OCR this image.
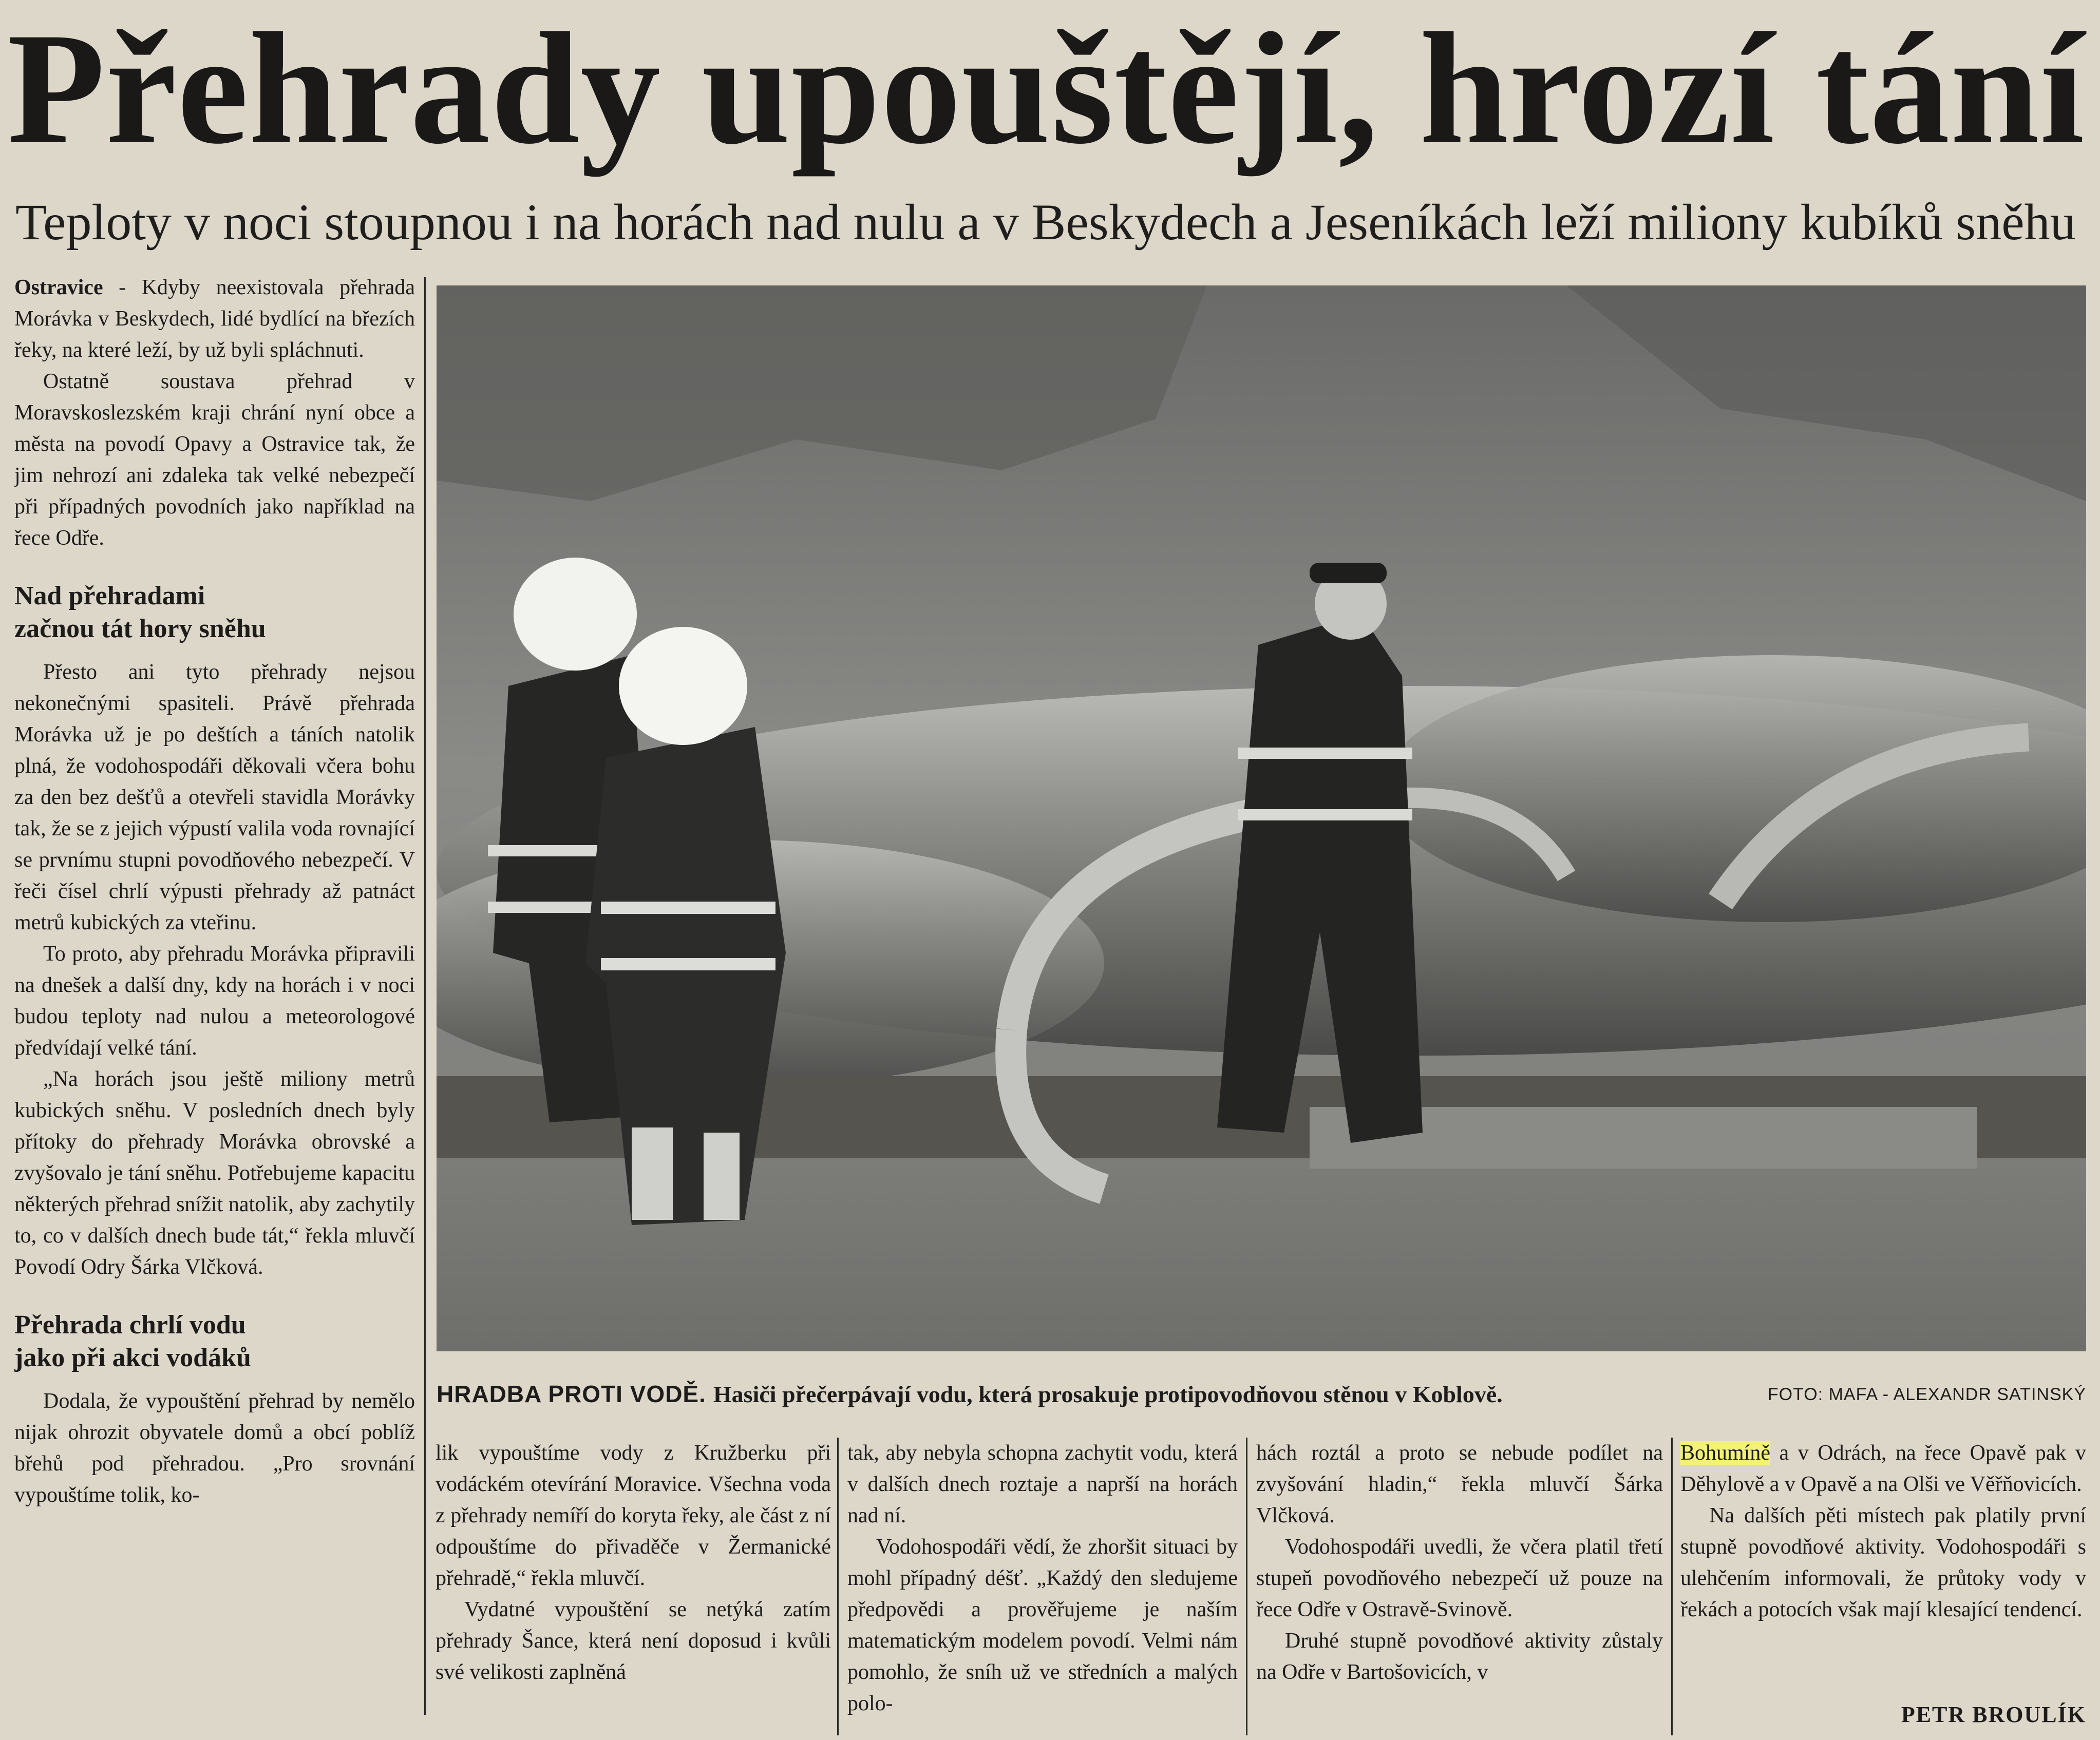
Přehrady upouštějí, hrozí tání
Teploty v noci stoupnou i na horách nad nulu a v Beskydech a Jeseníkách leží miliony kubíků sněhu

Ostravice - Kdyby neexistovala přehrada Morávka v Beskydech, lidé bydlící na březích řeky, na které leží, by už byli spláchnuti.

Ostatně soustava přehrad v Moravskoslezském kraji chrání nyní obce a města na povodí Opavy a Ostravice tak, že jim nehrozí ani zdaleka tak velké nebezpečí při případných povodních jako například na řece Odře.

Nad přehradami
začnou tát hory sněhu

Přesto ani tyto přehrady nejsou nekonečnými spasiteli. Právě přehrada Morávka už je po deštích a táních natolik plná, že vodohospodáři děkovali včera bohu za den bez dešťů a otevřeli stavidla Morávky tak, že se z jejich výpustí valila voda rovnající se prvnímu stupni povodňového nebezpečí. V řeči čísel chrlí výpusti přehrady až patnáct metrů kubických za vteřinu.

To proto, aby přehradu Morávka připravili na dnešek a další dny, kdy na horách i v noci budou teploty nad nulou a meteorologové předvídají velké tání.

„Na horách jsou ještě miliony metrů kubických sněhu. V posledních dnech byly přítoky do přehrady Morávka obrovské a zvyšovalo je tání sněhu. Potřebujeme kapacitu některých přehrad snížit natolik, aby zachytily to, co v dalších dnech bude tát,“ řekla mluvčí Povodí Odry Šárka Vlčková.

Přehrada chrlí vodu
jako při akci vodáků

Dodala, že vypouštění přehrad by nemělo nijak ohrozit obyvatele domů a obcí poblíž břehů pod přehradou. „Pro srovnání vypouštíme tolik, ko-

HRADBA PROTI VODĚ. Hasiči přečerpávají vodu, která prosakuje protipovodňovou stěnou v Koblově.	FOTO: MAFA - ALEXANDR SATINSKÝ

lik vypouštíme vody z Kružberku při vodáckém otevírání Moravice. Všechna voda z přehrady nemíří do koryta řeky, ale část z ní odpouštíme do přivaděče v Žermanické přehradě,“ řekla mluvčí.

Vydatné vypouštění se netýká zatím přehrady Šance, která není doposud i kvůli své velikosti zaplněná

tak, aby nebyla schopna zachytit vodu, která v dalších dnech roztaje a naprší na horách nad ní.

Vodohospodáři vědí, že zhoršit situaci by mohl případný déšť. „Každý den sledujeme předpovědi a prověřujeme je naším matematickým modelem povodí. Velmi nám pomohlo, že sníh už ve středních a malých polo-

hách roztál a proto se nebude podílet na zvyšování hladin,“ řekla mluvčí Šárka Vlčková.

Vodohospodáři uvedli, že včera platil třetí stupeň povodňového nebezpečí už pouze na řece Odře v Ostravě-Svinově.

Druhé stupně povodňové aktivity zůstaly na Odře v Bartošovicích, v

Bohumíně a v Odrách, na řece Opavě pak v Děhylově a v Opavě a na Olši ve Věřňovicích.

Na dalších pěti místech pak platily první stupně povodňové aktivity. Vodohospodáři s ulehčením informovali, že průtoky vody v řekách a potocích však mají klesající tendencí.

PETR BROULÍK
